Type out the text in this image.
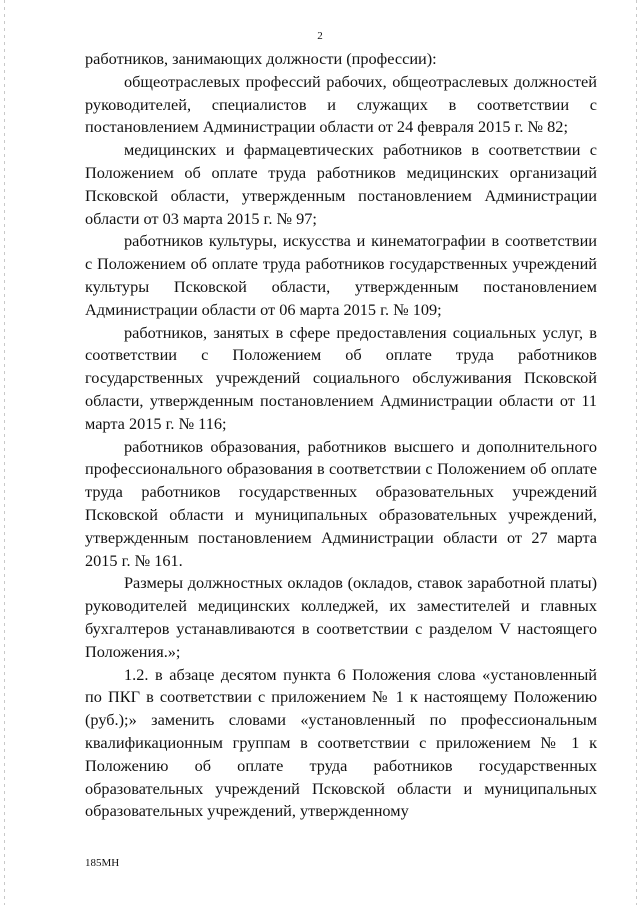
2

работников, занимающих должности (профессии):

общеотраслевых профессий рабочих, общеотраслевых должностей руководителей, специалистов и служащих в соответствии с постановлением Администрации области от 24 февраля 2015 г. № 82;

медицинских и фармацевтических работников в соответствии с Положением об оплате труда работников медицинских организаций Псковской области, утвержденным постановлением Администрации области от 03 марта 2015 г. № 97;

работников культуры, искусства и кинематографии в соответствии с Положением об оплате труда работников государственных учреждений культуры Псковской области, утвержденным постановлением Администрации области от 06 марта 2015 г. № 109;

работников, занятых в сфере предоставления социальных услуг, в соответствии с Положением об оплате труда работников государственных учреждений социального обслуживания Псковской области, утвержденным постановлением Администрации области от 11 марта 2015 г. № 116;

работников образования, работников высшего и дополнительного профессионального образования в соответствии с Положением об оплате труда работников государственных образовательных учреждений Псковской области и муниципальных образовательных учреждений, утвержденным постановлением Администрации области от 27 марта 2015 г. № 161.

Размеры должностных окладов (окладов, ставок заработной платы) руководителей медицинских колледжей, их заместителей и главных бухгалтеров устанавливаются в соответствии с разделом V настоящего Положения.»;

1.2. в абзаце десятом пункта 6 Положения слова «установленный по ПКГ в соответствии с приложением № 1 к настоящему Положению (руб.);» заменить словами «установленный по профессиональным квалификационным группам в соответствии с приложением № 1 к Положению об оплате труда работников государственных образовательных учреждений Псковской области и муниципальных образовательных учреждений, утвержденному

185МН
